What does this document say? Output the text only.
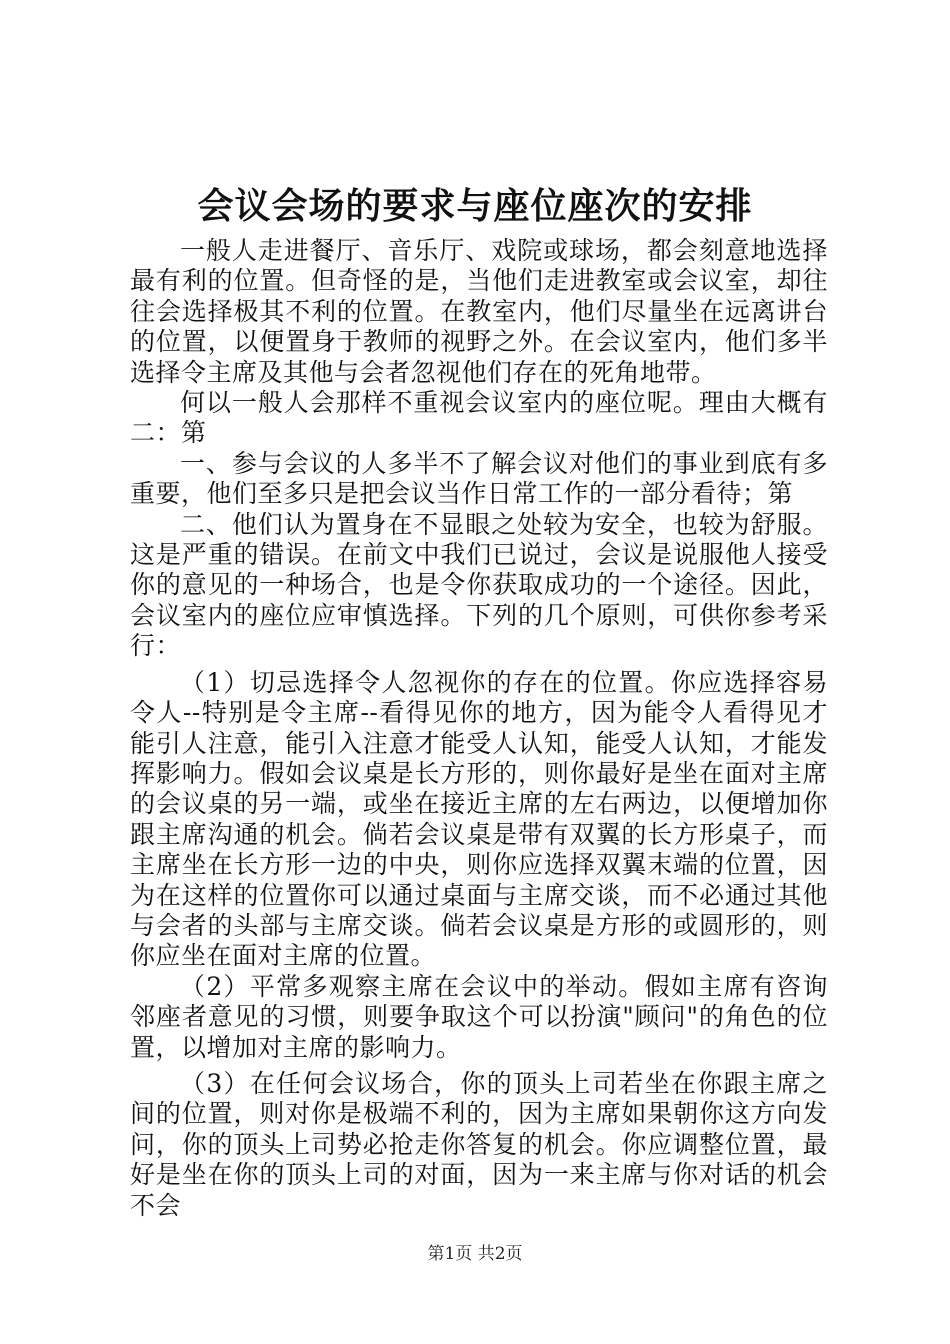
会议会场的要求与座位座次的安排

一般人走进餐厅、音乐厅、戏院或球场，都会刻意地选择最有利的位置。但奇怪的是，当他们走进教室或会议室，却往往会选择极其不利的位置。在教室内，他们尽量坐在远离讲台的位置，以便置身于教师的视野之外。在会议室内，他们多半选择令主席及其他与会者忽视他们存在的死角地带。

何以一般人会那样不重视会议室内的座位呢。理由大概有二：第

一、参与会议的人多半不了解会议对他们的事业到底有多重要，他们至多只是把会议当作日常工作的一部分看待；第

二、他们认为置身在不显眼之处较为安全，也较为舒服。这是严重的错误。在前文中我们已说过，会议是说服他人接受你的意见的一种场合，也是令你获取成功的一个途径。因此，会议室内的座位应审慎选择。下列的几个原则，可供你参考采行：

（1）切忌选择令人忽视你的存在的位置。你应选择容易令人--特别是令主席--看得见你的地方，因为能令人看得见才能引人注意，能引入注意才能受人认知，能受人认知，才能发挥影响力。假如会议桌是长方形的，则你最好是坐在面对主席的会议桌的另一端，或坐在接近主席的左右两边，以便增加你跟主席沟通的机会。倘若会议桌是带有双翼的长方形桌子，而主席坐在长方形一边的中央，则你应选择双翼末端的位置，因为在这样的位置你可以通过桌面与主席交谈，而不必通过其他与会者的头部与主席交谈。倘若会议桌是方形的或圆形的，则你应坐在面对主席的位置。

（2）平常多观察主席在会议中的举动。假如主席有咨询邻座者意见的习惯，则要争取这个可以扮演"顾问"的角色的位置，以增加对主席的影响力。

（3）在任何会议场合，你的顶头上司若坐在你跟主席之间的位置，则对你是极端不利的，因为主席如果朝你这方向发问，你的顶头上司势必抢走你答复的机会。你应调整位置，最好是坐在你的顶头上司的对面，因为一来主席与你对话的机会不会

第1页 共2页
